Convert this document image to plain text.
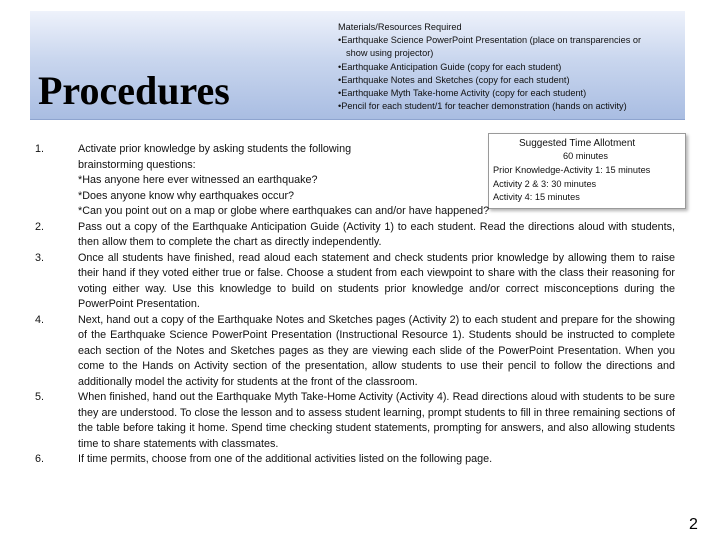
Procedures
Materials/Resources Required
•Earthquake Science PowerPoint Presentation (place on transparencies or
show using projector)
•Earthquake Anticipation Guide (copy for each student)
•Earthquake Notes and Sketches (copy for each student)
•Earthquake Myth Take-home Activity (copy for each student)
•Pencil for each student/1 for teacher demonstration (hands on activity)
Suggested Time Allotment
60 minutes
Prior Knowledge-Activity 1: 15 minutes
Activity 2 & 3: 30 minutes
Activity 4: 15 minutes
1.	Activate prior knowledge by asking students the following

brainstorming questions:

*Has anyone here ever witnessed an earthquake?

*Does anyone know why earthquakes occur?

*Can you point out on a map or globe where earthquakes can and/or have happened?

2.	Pass out a copy of the Earthquake Anticipation Guide (Activity 1) to each student. Read the directions aloud with students, then allow them to complete the chart as directly independently.

3.	Once all students have finished, read aloud each statement and check students prior knowledge by allowing them to raise their hand if they voted either true or false. Choose a student from each viewpoint to share with the class their reasoning for voting either way. Use this knowledge to build on students prior knowledge and/or correct misconceptions during the PowerPoint Presentation.

4.	Next, hand out a copy of the Earthquake Notes and Sketches pages (Activity 2) to each student and prepare for the showing of the Earthquake Science PowerPoint Presentation (Instructional Resource 1). Students should be instructed to complete each section of the Notes and Sketches pages as they are viewing each slide of the PowerPoint Presentation. When you come to the Hands on Activity section of the presentation, allow students to use their pencil to follow the directions and additionally model the activity for students at the front of the classroom.

5.	When finished, hand out the Earthquake Myth Take-Home Activity (Activity 4). Read directions aloud with students to be sure they are understood. To close the lesson and to assess student learning, prompt students to fill in three remaining sections of the table before taking it home. Spend time checking student statements, prompting for answers, and also allowing students time to share statements with classmates.

6.	If time permits, choose from one of the additional activities listed on the following page.

2
